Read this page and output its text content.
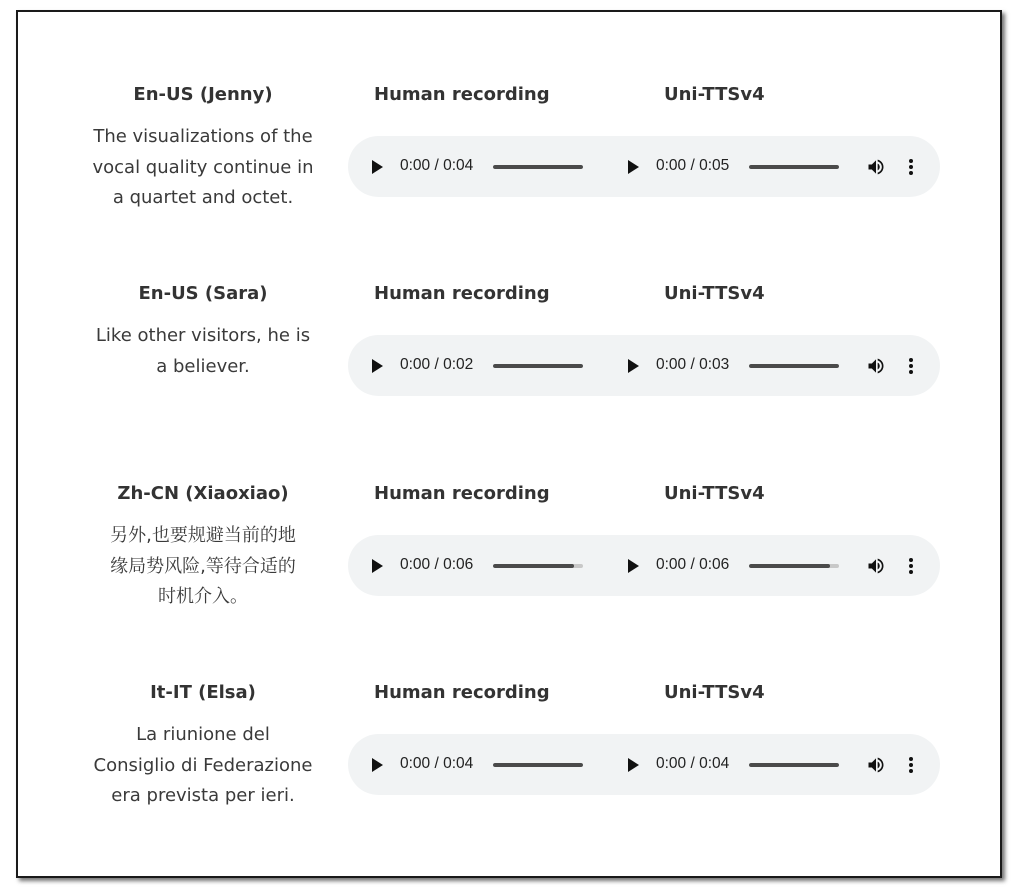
En-US (Jenny)
The visualizations of the
vocal quality continue in
a quartet and octet.
Human recording	Uni-TTSv4
0:00 / 0:04	0:00 / 0:05
En-US (Sara)
Like other visitors, he is
a believer.
Human recording	Uni-TTSv4
0:00 / 0:02	0:00 / 0:03
Zh-CN (Xiaoxiao)
另外,也要规避当前的地
缘局势风险,等待合适的
时机介入。
Human recording	Uni-TTSv4
0:00 / 0:06	0:00 / 0:06
It-IT (Elsa)
La riunione del
Consiglio di Federazione
era prevista per ieri.
Human recording	Uni-TTSv4
0:00 / 0:04	0:00 / 0:04
